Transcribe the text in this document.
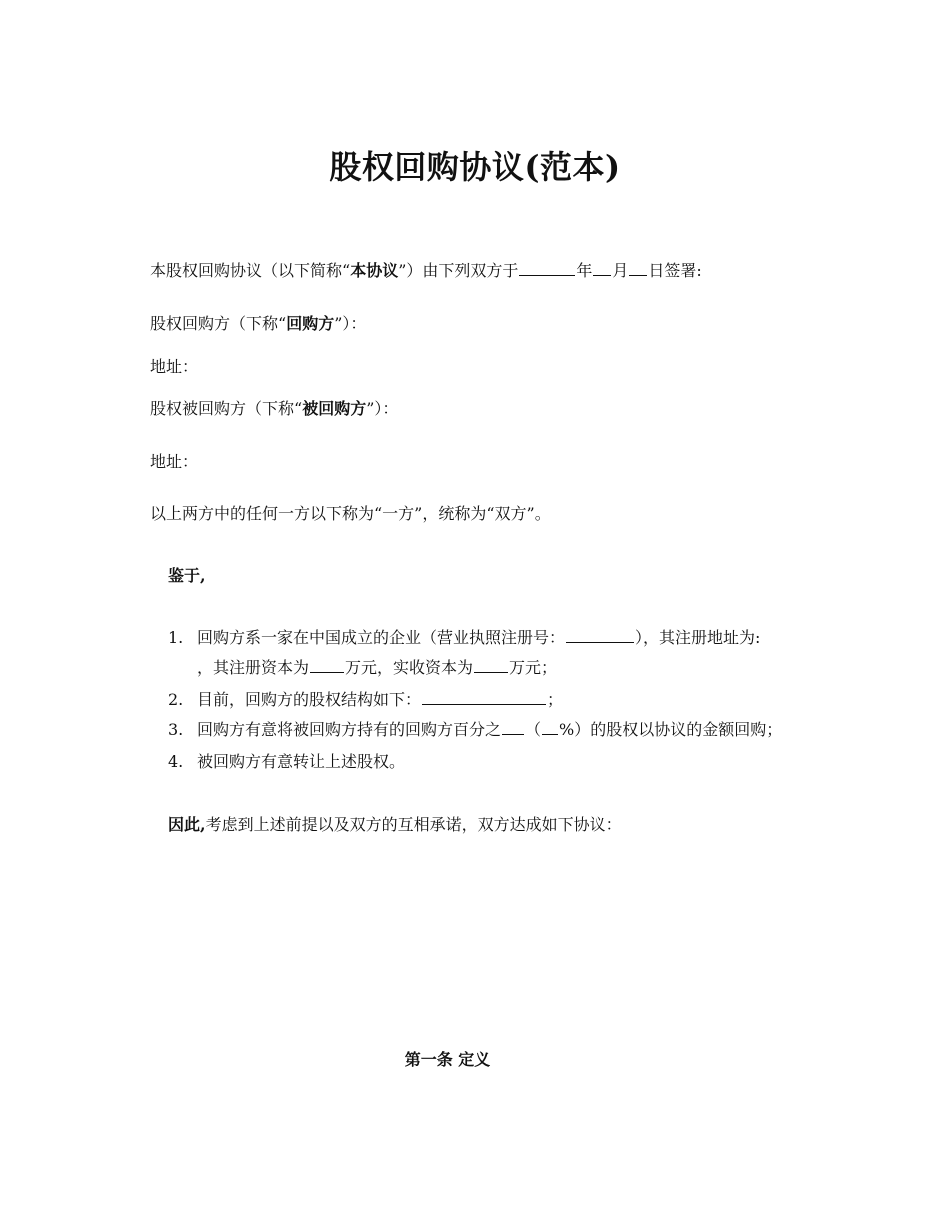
股权回购协议(范本)
本股权回购协议（以下简称“本协议”）由下列双方于	年 月 日签署:
股权回购方（下称“回购方”）：
地址：
股权被回购方（下称“被回购方”）：
地址：
以上两方中的任何一方以下称为“一方”，统称为“双方”。
鉴于,
1. 回购方系一家在中国成立的企业（营业执照注册号：	），其注册地址为:
，其注册资本为 万元，实收资本为 万元；
2. 目前，回购方的股权结构如下：	；
3. 回购方有意将被回购方持有的回购方百分之 （ %）的股权以协议的金额回购；
4. 被回购方有意转让上述股权。
因此,考虑到上述前提以及双方的互相承诺，双方达成如下协议：
第一条 定义
